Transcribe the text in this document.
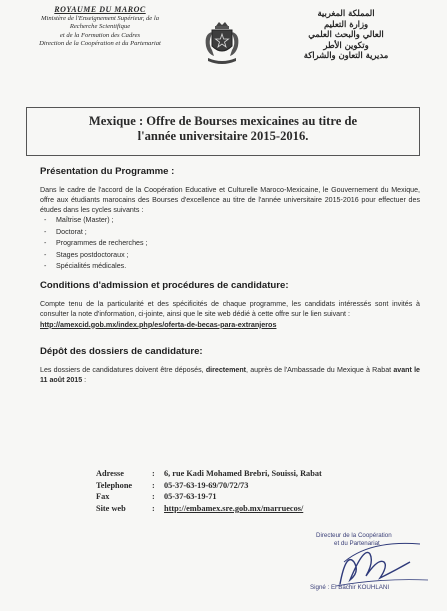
ROYAUME DU MAROC
Ministère de l'Enseignement Supérieur, de la
Recherche Scientifique
et de la Formation des Cadres
Direction de la Coopération et du Partenariat
المملكة المغربية
وزارة التعليم
العالي والبحث العلمي
وتكوين الأطر
مديرية التعاون والشراكة
Mexique : Offre de Bourses mexicaines au titre de
l'année universitaire 2015-2016.
Présentation du Programme :
Dans le cadre de l'accord de la Coopération Educative et Culturelle Maroco-Mexicaine, le Gouvernement du Mexique, offre aux étudiants marocains des Bourses d'excellence au titre de l'année universitaire 2015-2016 pour effectuer des études dans les cycles suivants :
- Maîtrise (Master) ;
- Doctorat ;
- Programmes de recherches ;
- Stages postdoctoraux ;
- Spécialités médicales.
Conditions d'admission et procédures de candidature:
Compte tenu de la particularité et des spécificités de chaque programme, les candidats intéressés sont invités à consulter la note d'information, ci-jointe, ainsi que le site web dédié à cette offre sur le lien suivant :
http://amexcid.gob.mx/index.php/es/oferta-de-becas-para-extranjeros
Dépôt des dossiers de candidature:
Les dossiers de candidatures doivent être déposés, directement, auprès de l'Ambassade du Mexique à Rabat avant le 11 août 2015 :
Adresse	:	6, rue Kadi Mohamed Brebri, Souissi, Rabat
Telephone	:	05-37-63-19-69/70/72/73
Fax	:	05-37-63-19-71
Site web	:	http://embamex.sre.gob.mx/marruecos/
Directeur de la Coopération
et du Partenariat
Signé : El Bachir KOUHLANI
